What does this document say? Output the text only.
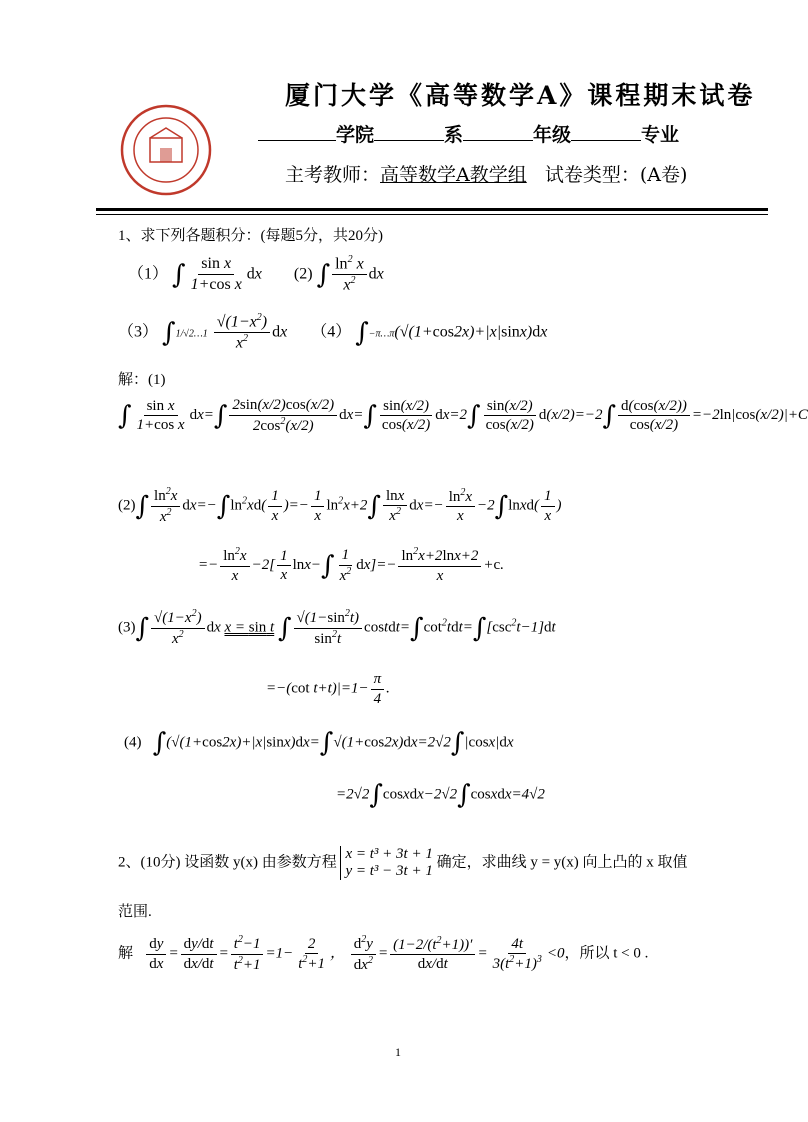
厦门大学《高等数学A》课程期末试卷
学院	系	年级	专业
主考教师：高等数学A教学组 试卷类型：(A卷)
1、求下列各题积分：(每题5分，共20分)
（1） ∫ $\frac{\text{sin x}}{\text{1+cos x}}$ dx        (2) ∫ $\frac{\ln^2 x}{x^2}$ dx
（3） ∫1/√2…1 $\frac{√(1-x^2)}{x^2}$ dx      （4） ∫−π…π(√(1+cos2x)+|x|sinx)dx
解：(1)
∫ $\frac{\text{sin x}}{\text{1+cos x}} dx=\int \frac{2\sin(x/2)\cos(x/2)}{2\cos^2(x/2)} dx=\int \frac{\sin(x/2)}{\cos(x/2)} dx=2\int \frac{\sin(x/2)}{\cos(x/2)} d(x/2)=-2\int \frac{d(\cos(x/2))}{\cos(x/2)} =-2\ln|\cos(x/2)|+C$
$(2)\int \frac{\ln^2x}{x^2} dx=-\int\ln^2xd( \frac{1}{x}$ )=− $\frac{1}{x} \ln^2x+2\int \frac{\ln x}{x^2} dx=- \frac{\ln^2x}{x}$ −2∫lnxd( $\frac{1}{x}$ )
=− $\frac{\ln^2x}{x} -2[ \frac{1}{x} \ln x-\int \frac{1}{x^2} dx]=- \frac{\ln^2x+2\ln x+2}{x} +c$.
$(3)\int \frac{√(1-x^2)}{x^2}$ dx x = sin t ∫ $\frac{√(1-\sin^2t)}{\sin^2t}$ $costdt=\int\cot^2tdt=\int[\csc^2t-1]dt$
=−(cot $t+t)|=1- \frac{\pi}{4}$ .
(4) ∫(√(1+cos2x)+|x|sinx)dx=∫√(1+cos2x)dx=2√2∫|cosx|dx
=2√2∫cosxdx−2√2∫cosxdx=4√2
2、(10分) 设函数 y(x) 由参数方程
x = t³ + 3t + 1
y = t³ − 3t + 1
确定，求曲线 y = y(x) 向上凸的 x 取值
范围.
解 $\frac{dy}{dx} = \frac{dy/dt}{dx/dt} = \frac{t^2-1}{t^2+1} =1- \frac{2}{t^2+1}$ ， $\frac{d^2y}{dx^2} = \frac{(1-2/(t^2+1))'}{dx/dt} = \frac{4t}{3(t^2+1)^3} <0$，所以 t < 0 .
1
